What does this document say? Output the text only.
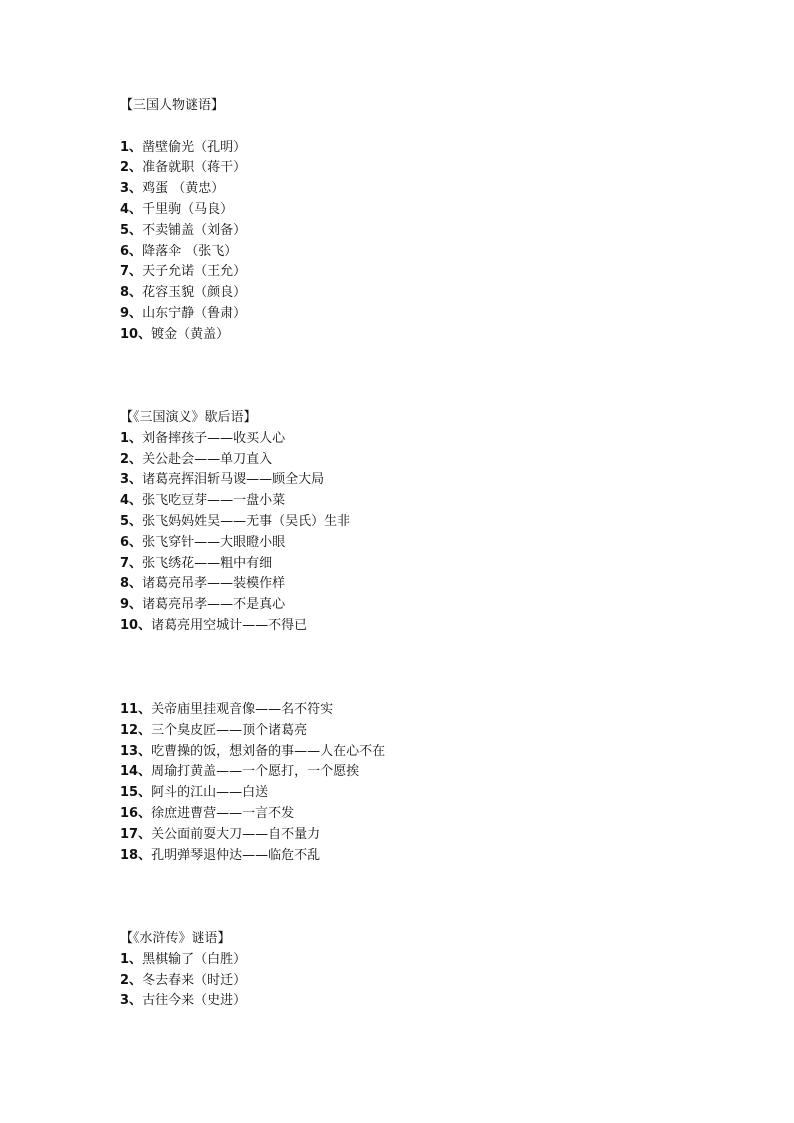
【三国人物谜语】
1、凿壁偷光（孔明）
2、准备就职（蒋干）
3、鸡蛋 （黄忠）
4、千里驹（马良）
5、不卖铺盖（刘备）
6、降落伞 （张飞）
7、天子允诺（王允）
8、花容玉貌（颜良）
9、山东宁静（鲁肃）
10、镀金（黄盖）
【《三国演义》歇后语】
1、刘备摔孩子——收买人心
2、关公赴会——单刀直入
3、诸葛亮挥泪斩马谡——顾全大局
4、张飞吃豆芽——一盘小菜
5、张飞妈妈姓吴——无事（吴氏）生非
6、张飞穿针——大眼瞪小眼
7、张飞绣花——粗中有细
8、诸葛亮吊孝——装模作样
9、诸葛亮吊孝——不是真心
10、诸葛亮用空城计——不得已
11、关帝庙里挂观音像——名不符实
12、三个臭皮匠——顶个诸葛亮
13、吃曹操的饭，想刘备的事——人在心不在
14、周瑜打黄盖——一个愿打，一个愿挨
15、阿斗的江山——白送
16、徐庶进曹营——一言不发
17、关公面前耍大刀——自不量力
18、孔明弹琴退仲达——临危不乱
【《水浒传》谜语】
1、黑棋输了（白胜）
2、冬去春来（时迁）
3、古往今来（史进）
